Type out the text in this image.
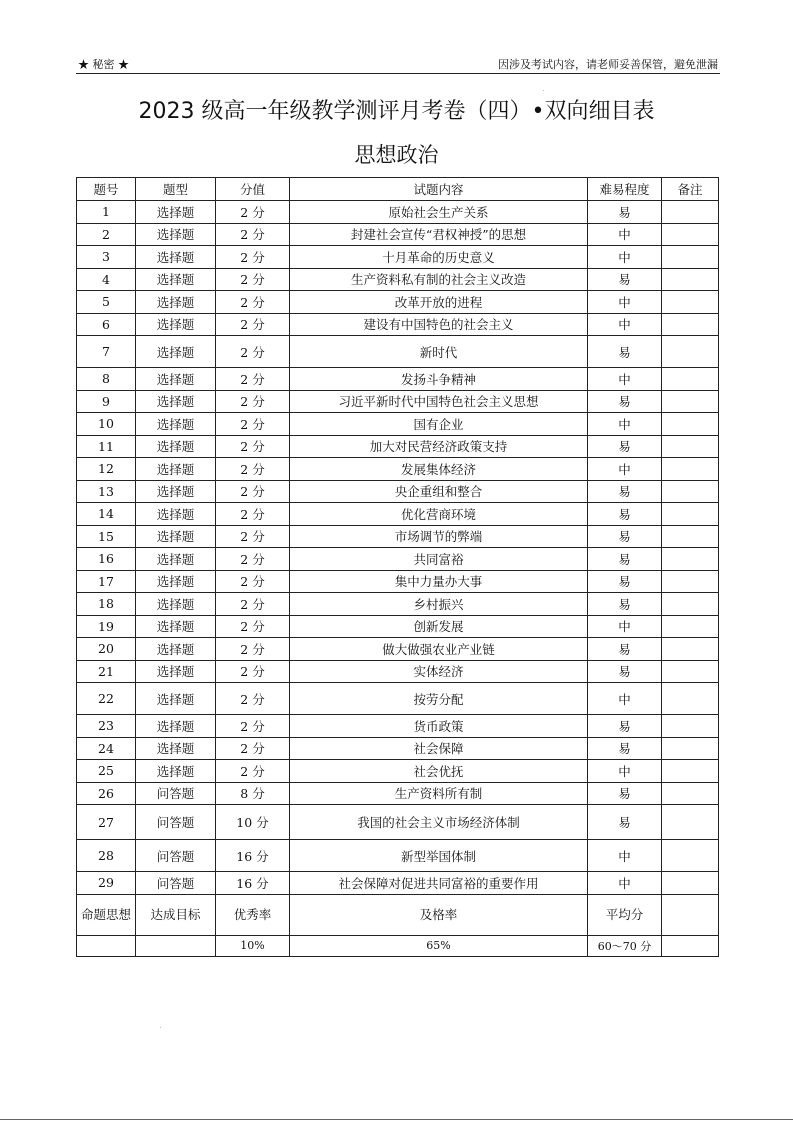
★ 秘密 ★	因涉及考试内容，请老师妥善保管，避免泄漏
2023 级高一年级教学测评月考卷（四）•双向细目表
思想政治
题号	题型	分值	试题内容	难易程度	备注
1	选择题	2 分	原始社会生产关系	易	
2	选择题	2 分	封建社会宣传“君权神授”的思想	中	
3	选择题	2 分	十月革命的历史意义	中	
4	选择题	2 分	生产资料私有制的社会主义改造	易	
5	选择题	2 分	改革开放的进程	中	
6	选择题	2 分	建设有中国特色的社会主义	中	
7	选择题	2 分	新时代	易	
8	选择题	2 分	发扬斗争精神	中	
9	选择题	2 分	习近平新时代中国特色社会主义思想	易	
10	选择题	2 分	国有企业	中	
11	选择题	2 分	加大对民营经济政策支持	易	
12	选择题	2 分	发展集体经济	中	
13	选择题	2 分	央企重组和整合	易	
14	选择题	2 分	优化营商环境	易	
15	选择题	2 分	市场调节的弊端	易	
16	选择题	2 分	共同富裕	易	
17	选择题	2 分	集中力量办大事	易	
18	选择题	2 分	乡村振兴	易	
19	选择题	2 分	创新发展	中	
20	选择题	2 分	做大做强农业产业链	易	
21	选择题	2 分	实体经济	易	
22	选择题	2 分	按劳分配	中	
23	选择题	2 分	货币政策	易	
24	选择题	2 分	社会保障	易	
25	选择题	2 分	社会优抚	中	
26	问答题	8 分	生产资料所有制	易	
27	问答题	10 分	我国的社会主义市场经济体制	易	
28	问答题	16 分	新型举国体制	中	
29	问答题	16 分	社会保障对促进共同富裕的重要作用	中	
命题思想	达成目标	优秀率	及格率	平均分	
		10%	65%	60～70 分	
